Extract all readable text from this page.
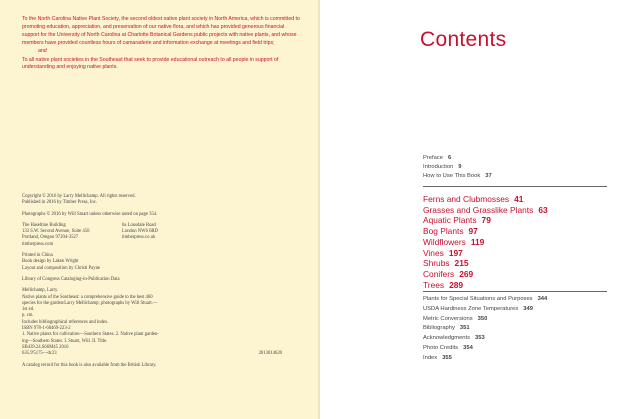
To the North Carolina Native Plant Society, the second oldest native plant society in North America, which is committed to promoting education, appreciation, and preservation of our native flora, and which has provided generous financial support for the University of North Carolina at Charlotte Botanical Gardens public projects with native plants, and whose members have provided countless hours of camaraderie and information exchange at meetings and field trips;

and

To all native plant societies in the Southeast that seek to provide educational outreach to all people in support of understanding and enjoying native plants.

Copyright © 2016 by Larry Mellichamp. All rights reserved.

Published in 2016 by Timber Press, Inc.

Photographs © 2016 by Will Stuart unless otherwise noted on page 354.

The Haseltine Building

133 S.W. Second Avenue, Suite 450

Portland, Oregon 97204-3527

timberpress.com

6a Lonsdale Road

London NW6 6RD

timberpress.co.uk

Printed in China

Book design by Laken Wright

Layout and composition by Christi Payne

Library of Congress Cataloging-in-Publication Data

Mellichamp, Larry.

Native plants of the Southeast: a comprehensive guide to the best 460

species for the garden/Larry Mellichamp; photographs by Will Stuart.—

1st ed.

p. cm.

Includes bibliographical references and index.

ISBN 978-1-60469-223-2

1. Native plants for cultivation—Southern States. 2. Native plant garden-

ing—Southern States. I. Stuart, Will. II. Title.

SB439.24.S66M45 2016

635.9'5175—dc23	2013014620

A catalog record for this book is also available from the British Library.

Contents
Preface 6
Introduction 9
How to Use This Book 37
Ferns and Clubmosses 41
Grasses and Grasslike Plants 63
Aquatic Plants 79
Bog Plants 97
Wildflowers 119
Vines 197
Shrubs 215
Conifers 269
Trees 289
Plants for Special Situations and Purposes 344
USDA Hardiness Zone Temperatures 349
Metric Conversions 350
Bibliography 351
Acknowledgments 353
Photo Credits 354
Index 355
